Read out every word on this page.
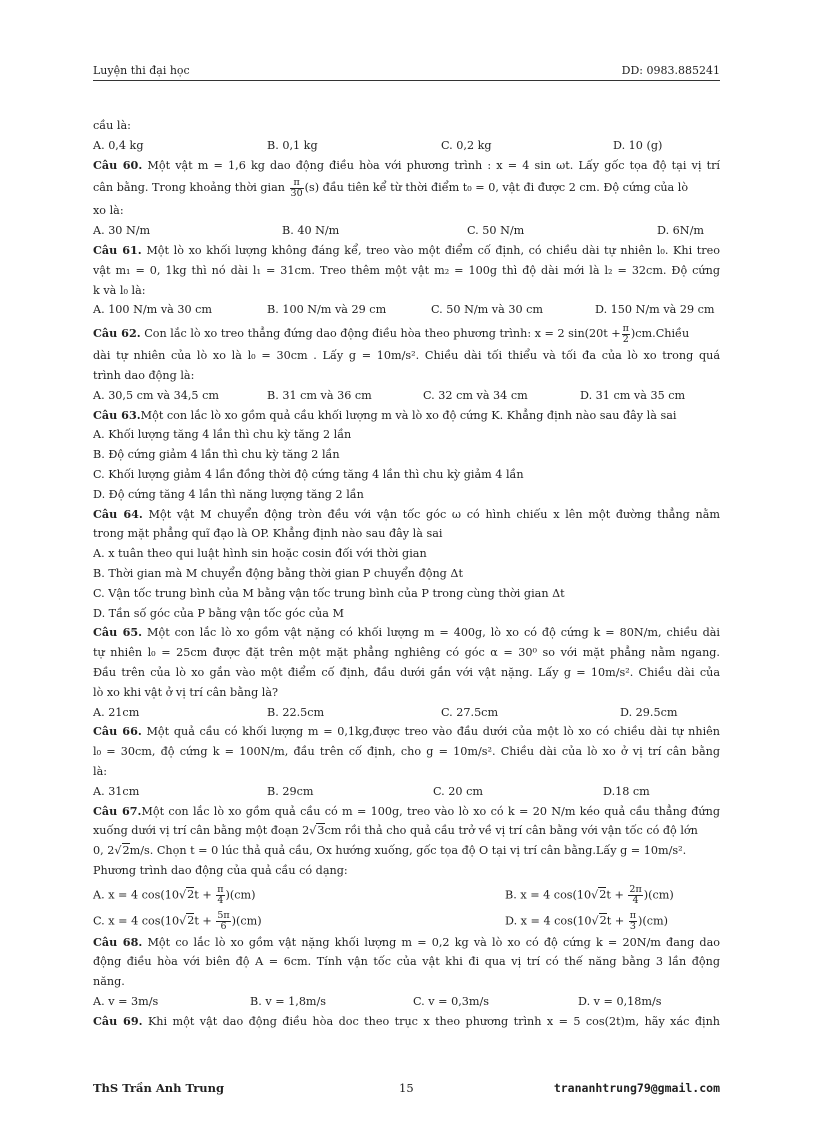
Luyện thi đại học	DD: 0983.885241
cầu là:
A. 0,4 kg	B. 0,1 kg	C. 0,2 kg	D. 10 (g)
Câu 60. Một vật m = 1,6 kg dao động điều hòa với phương trình : x = 4 sin ωt. Lấy gốc tọa độ tại vị trí
cân bằng. Trong khoảng thời gian $\frac{\pi}{30} (s)$ đầu tiên kể từ thời điểm t₀ = 0, vật đi được 2 cm. Độ cứng của lò
xo là:
A. 30 N/m	B. 40 N/m	C. 50 N/m	D. 6N/m
Câu 61. Một lò xo khối lượng không đáng kể, treo vào một điểm cố định, có chiều dài tự nhiên l₀. Khi treo
vật m₁ = 0, 1kg thì nó dài l₁ = 31cm. Treo thêm một vật m₂ = 100g thì độ dài mới là l₂ = 32cm. Độ cứng
k và l₀ là:
A. 100 N/m và 30 cm	B. 100 N/m và 29 cm	C. 50 N/m và 30 cm	D. 150 N/m và 29 cm
Câu 62. Con lắc lò xo treo thẳng đứng dao động điều hòa theo phương trình: x = 2 $\sin(20t + \frac{\pi}{2}$ )cm.Chiều
dài tự nhiên của lò xo là l₀ = 30cm . Lấy g = 10m/s². Chiều dài tối thiểu và tối đa của lò xo trong quá
trình dao động là:
A. 30,5 cm và 34,5 cm	B. 31 cm và 36 cm	C. 32 cm và 34 cm	D. 31 cm và 35 cm
Câu 63.Một con lắc lò xo gồm quả cầu khối lượng m và lò xo độ cứng K. Khẳng định nào sau đây là sai
A. Khối lượng tăng 4 lần thì chu kỳ tăng 2 lần
B. Độ cứng giảm 4 lần thì chu kỳ tăng 2 lần
C. Khối lượng giảm 4 lần đồng thời độ cứng tăng 4 lần thì chu kỳ giảm 4 lần
D. Độ cứng tăng 4 lần thì năng lượng tăng 2 lần
Câu 64. Một vật M chuyển động tròn đều với vận tốc góc ω có hình chiếu x lên một đường thẳng nằm
trong mặt phẳng quĩ đạo là OP. Khẳng định nào sau đây là sai
A. x tuân theo qui luật hình sin hoặc cosin đối với thời gian
B. Thời gian mà M chuyển động bằng thời gian P chuyển động Δt
C. Vận tốc trung bình của M bằng vận tốc trung bình của P trong cùng thời gian Δt
D. Tần số góc của P bằng vận tốc góc của M
Câu 65. Một con lắc lò xo gồm vật nặng có khối lượng m = 400g, lò xo có độ cứng k = 80N/m, chiều dài
tự nhiên l₀ = 25cm được đặt trên một mặt phẳng nghiêng có góc α = 30⁰ so với mặt phẳng nằm ngang.
Đầu trên của lò xo gắn vào một điểm cố định, đầu dưới gắn với vật nặng. Lấy g = 10m/s². Chiều dài của
lò xo khi vật ở vị trí cân bằng là?
A. 21cm	B. 22.5cm	C. 27.5cm	D. 29.5cm
Câu 66. Một quả cầu có khối lượng m = 0,1kg,được treo vào đầu dưới của một lò xo có chiều dài tự nhiên
l₀ = 30cm, độ cứng k = 100N/m, đầu trên cố định, cho g = 10m/s². Chiều dài của lò xo ở vị trí cân bằng
là:
A. 31cm	B. 29cm	C. 20 cm	D.18 cm
Câu 67.Một con lắc lò xo gồm quả cầu có m = 100g, treo vào lò xo có k = 20 N/m kéo quả cầu thẳng đứng
xuống dưới vị trí cân bằng một đoạn 2√3cm rồi thả cho quả cầu trở về vị trí cân bằng với vận tốc có độ lớn
0, 2√2m/s. Chọn t = 0 lúc thả quả cầu, Ox hướng xuống, gốc tọa độ O tại vị trí cân bằng.Lấy g = 10m/s².
Phương trình dao động của quả cầu có dạng:
A. x = 4 $\cos(10√2t + \frac{\pi}{4} )(cm)$	B. x = 4 $\cos(10√2t + \frac{2\pi}{4} )(cm)$
C. x = 4 $\cos(10√2t + \frac{5\pi}{6} )(cm)$	D. x = 4 $\cos(10√2t + \frac{\pi}{3} )(cm)$
Câu 68. Một co lắc lò xo gồm vật nặng khối lượng m = 0,2 kg và lò xo có độ cứng k = 20N/m đang dao
động điều hòa với biên độ A = 6cm. Tính vận tốc của vật khi đi qua vị trí có thế năng bằng 3 lần động
năng.
A. v = 3m/s	B. v = 1,8m/s	C. v = 0,3m/s	D. v = 0,18m/s
Câu 69. Khi một vật dao động điều hòa doc theo trục x theo phương trình x = 5 cos(2t)m, hãy xác định
ThS Trần Anh Trung	15	trananhtrung79@gmail.com
